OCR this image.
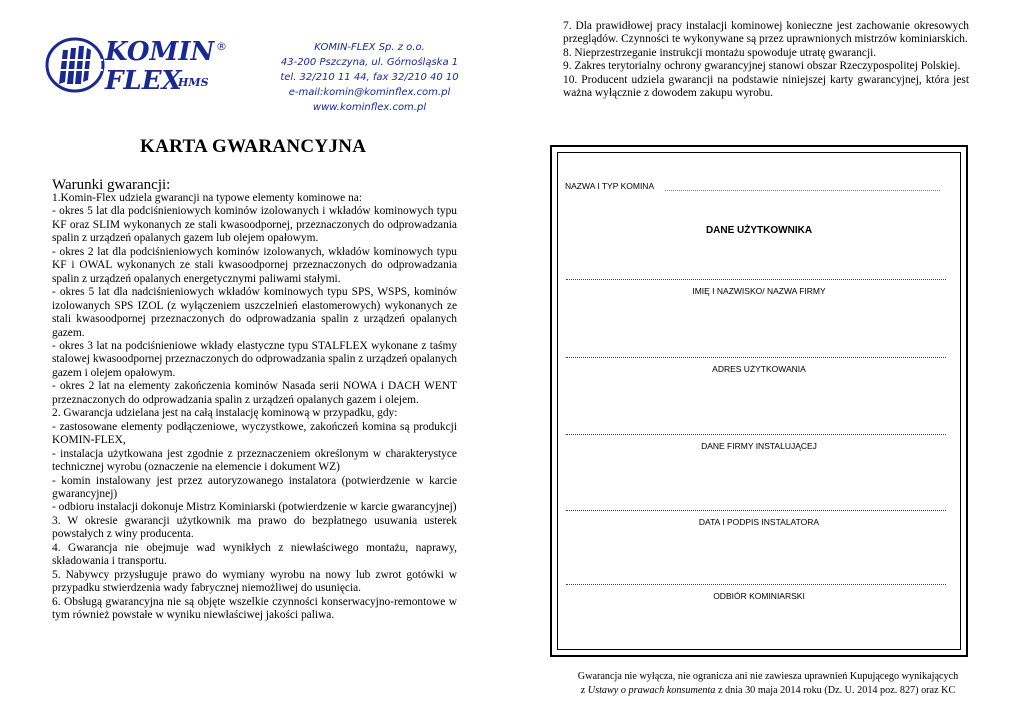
KOMIN
FLEX
HMS
®	KOMIN-FLEX Sp. z o.o.
43-200 Pszczyna, ul. Górnośląska 1
tel. 32/210 11 44, fax 32/210 40 10
e-mail:komin@kominflex.com.pl
www.kominflex.com.pl
KARTA GWARANCYJNA
Warunki gwarancji:

1.Komin-Flex udziela gwarancji na typowe elementy kominowe na:

- okres 5 lat dla podciśnieniowych kominów izolowanych i wkładów kominowych typu KF oraz SLIM wykonanych ze stali kwasoodpornej, przeznaczonych do odprowadzania spalin z urządzeń opalanych gazem lub olejem opałowym.

- okres 2 lat dla podciśnieniowych kominów izolowanych, wkładów kominowych typu KF i OWAL wykonanych ze stali kwasoodpornej przeznaczonych do odprowadzania spalin z urządzeń opalanych energetycznymi paliwami stałymi.

- okres 5 lat dla nadciśnieniowych wkładów kominowych typu SPS, WSPS, kominów izolowanych SPS IZOL (z wyłączeniem uszczelnień elastomerowych) wykonanych ze stali kwasoodpornej przeznaczonych do odprowadzania spalin z urządzeń opalanych gazem.

- okres 3 lat na podciśnieniowe wkłady elastyczne typu STALFLEX wykonane z taśmy stalowej kwasoodpornej przeznaczonych do odprowadzania spalin z urządzeń opalanych gazem i olejem opałowym.

- okres 2 lat na elementy zakończenia kominów Nasada serii NOWA i DACH WENT przeznaczonych do odprowadzania spalin z urządzeń opalanych gazem i olejem.

2. Gwarancja udzielana jest na całą instalację kominową w przypadku, gdy:

- zastosowane elementy podłączeniowe, wyczystkowe, zakończeń komina są produkcji KOMIN-FLEX,

- instalacja użytkowana jest zgodnie z przeznaczeniem określonym w charakterystyce technicznej wyrobu (oznaczenie na elemencie i dokument WZ)

- komin instalowany jest przez autoryzowanego instalatora (potwierdzenie w karcie gwarancyjnej)

- odbioru instalacji dokonuje Mistrz Kominiarski (potwierdzenie w karcie gwarancyjnej)

3. W okresie gwarancji użytkownik ma prawo do bezpłatnego usuwania usterek powstałych z winy producenta.

4. Gwarancja nie obejmuje wad wynikłych z niewłaściwego montażu, naprawy, składowania i transportu.

5. Nabywcy przysługuje prawo do wymiany wyrobu na nowy lub zwrot gotówki w przypadku stwierdzenia wady fabrycznej niemożliwej do usunięcia.

6. Obsługą gwarancyjna nie są objęte wszelkie czynności konserwacyjno-remontowe w tym również powstałe w wyniku niewłaściwej jakości paliwa.

7. Dla prawidłowej pracy instalacji kominowej konieczne jest zachowanie okresowych przeglądów. Czynności te wykonywane są przez uprawnionych mistrzów kominiarskich.

8. Nieprzestrzeganie instrukcji montażu spowoduje utratę gwarancji.

9. Zakres terytorialny ochrony gwarancyjnej stanowi obszar Rzeczypospolitej Polskiej.

10. Producent udziela gwarancji na podstawie niniejszej karty gwarancyjnej, która jest ważna wyłącznie z dowodem zakupu wyrobu.

NAZWA I TYP KOMINA
DANE UŻYTKOWNIKA
IMIĘ I NAZWISKO/ NAZWA FIRMY
ADRES UŻYTKOWANIA
DANE FIRMY INSTALUJĄCEJ
DATA I PODPIS INSTALATORA
ODBIÓR KOMINIARSKI
Gwarancja nie wyłącza, nie ogranicza ani nie zawiesza uprawnień Kupującego wynikających
z Ustawy o prawach konsumenta z dnia 30 maja 2014 roku (Dz. U. 2014 poz. 827) oraz KC
